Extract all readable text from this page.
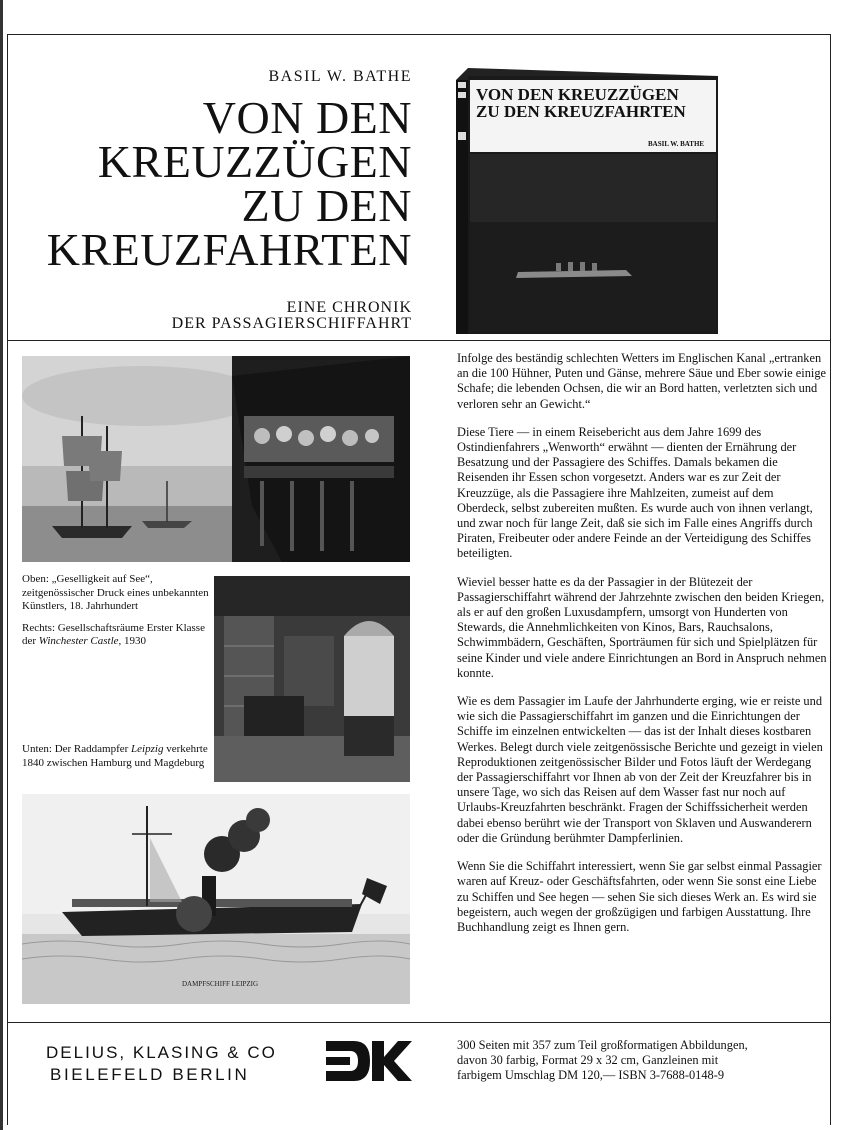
BASIL W. BATHE
VON DEN
KREUZZÜGEN
ZU DEN
KREUZFAHRTEN
EINE CHRONIK
DER PASSAGIERSCHIFFAHRT
VON DEN KREUZZÜGEN
ZU DEN KREUZFAHRTEN
BASIL W. BATHE

Oben: „Geselligkeit auf See“, zeitgenössischer Druck eines unbekannten Künstlers, 18. Jahrhundert

Rechts: Gesellschaftsräume Erster Klasse der Winchester Castle, 1930

Unten: Der Raddampfer Leipzig verkehrte 1840 zwischen Hamburg und Magdeburg

DAMPFSCHIFF LEIPZIG

Infolge des beständig schlechten Wetters im Englischen Kanal „ertranken an die 100 Hühner, Puten und Gänse, mehrere Säue und Eber sowie einige Schafe; die lebenden Ochsen, die wir an Bord hatten, verletzten sich und verloren sehr an Gewicht.“

Diese Tiere — in einem Reisebericht aus dem Jahre 1699 des Ostindienfahrers „Wenworth“ erwähnt — dienten der Ernährung der Besatzung und der Passagiere des Schiffes. Damals bekamen die Reisenden ihr Essen schon vorgesetzt. Anders war es zur Zeit der Kreuzzüge, als die Passagiere ihre Mahlzeiten, zumeist auf dem Oberdeck, selbst zubereiten mußten. Es wurde auch von ihnen verlangt, und zwar noch für lange Zeit, daß sie sich im Falle eines Angriffs durch Piraten, Freibeuter oder andere Feinde an der Verteidigung des Schiffes beteiligten.

Wieviel besser hatte es da der Passagier in der Blütezeit der Passagierschiffahrt während der Jahrzehnte zwischen den beiden Kriegen, als er auf den großen Luxusdampfern, umsorgt von Hunderten von Stewards, die Annehmlichkeiten von Kinos, Bars, Rauchsalons, Schwimmbädern, Geschäften, Sporträumen für sich und Spielplätzen für seine Kinder und viele andere Einrichtungen an Bord in Anspruch nehmen konnte.

Wie es dem Passagier im Laufe der Jahrhunderte erging, wie er reiste und wie sich die Passagierschiffahrt im ganzen und die Einrichtungen der Schiffe im einzelnen entwickelten — das ist der Inhalt dieses kostbaren Werkes. Belegt durch viele zeitgenössische Berichte und gezeigt in vielen Reproduktionen zeitgenössischer Bilder und Fotos läuft der Werdegang der Passagierschiffahrt vor Ihnen ab von der Zeit der Kreuzfahrer bis in unsere Tage, wo sich das Reisen auf dem Wasser fast nur noch auf Urlaubs-Kreuzfahrten beschränkt. Fragen der Schiffssicherheit werden dabei ebenso berührt wie der Transport von Sklaven und Auswanderern oder die Gründung berühmter Dampferlinien.

Wenn Sie die Schiffahrt interessiert, wenn Sie gar selbst einmal Passagier waren auf Kreuz- oder Geschäftsfahrten, oder wenn Sie sonst eine Liebe zu Schiffen und See hegen — sehen Sie sich dieses Werk an. Es wird sie begeistern, auch wegen der großzügigen und farbigen Ausstattung. Ihre Buchhandlung zeigt es Ihnen gern.

DELIUS, KLASING & CO
BIELEFELD BERLIN
300 Seiten mit 357 zum Teil großformatigen Abbildungen,
davon 30 farbig, Format 29 x 32 cm, Ganzleinen mit
farbigem Umschlag DM 120,— ISBN 3-7688-0148-9
